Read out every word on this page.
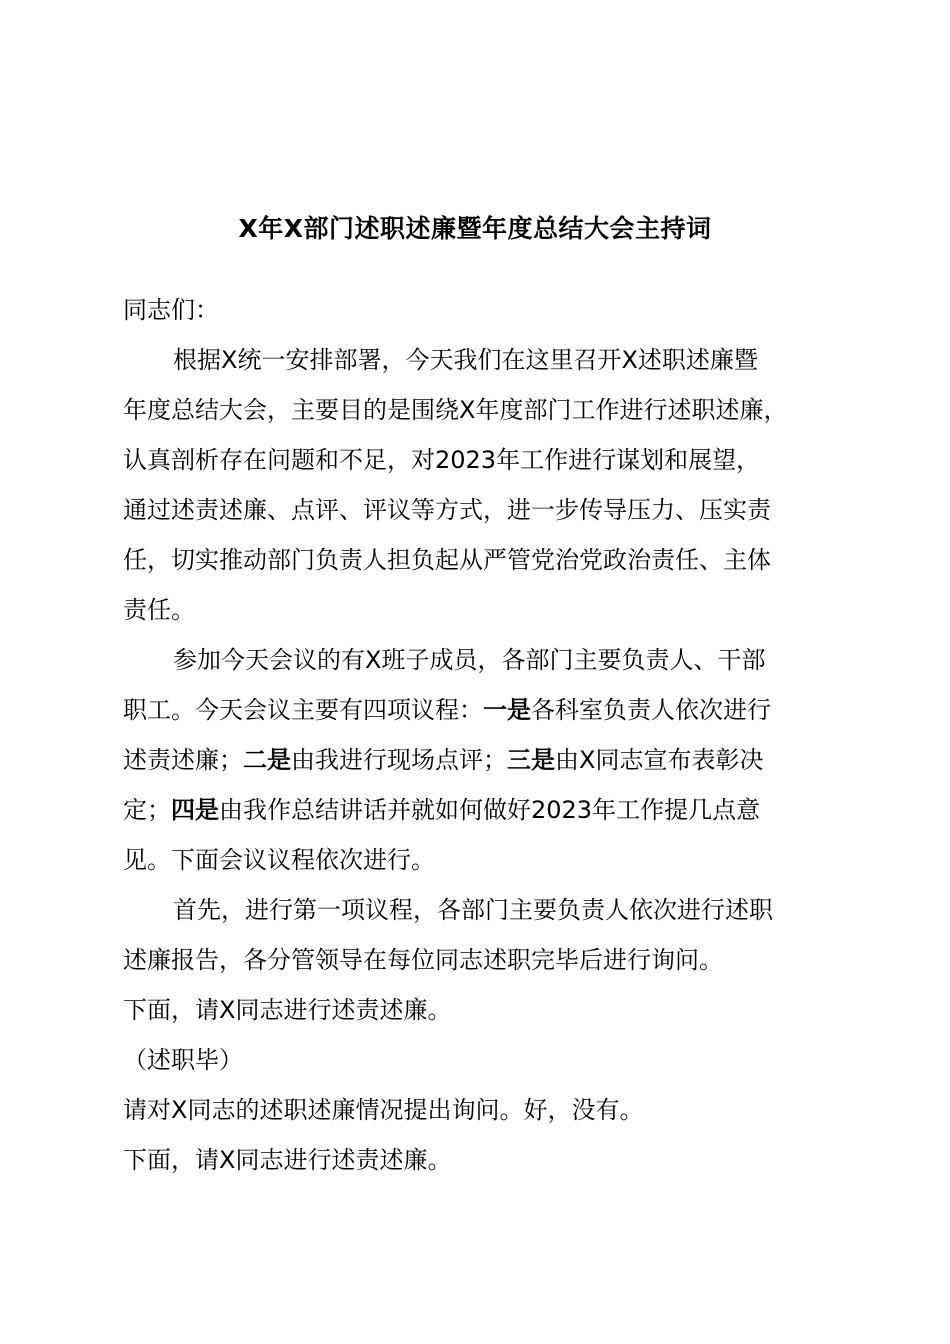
X年X部门述职述廉暨年度总结大会主持词

同志们：

根据X统一安排部署，今天我们在这里召开X述职述廉暨
年度总结大会，主要目的是围绕X年度部门工作进行述职述廉，
认真剖析存在问题和不足，对2023年工作进行谋划和展望，
通过述责述廉、点评、评议等方式，进一步传导压力、压实责
任，切实推动部门负责人担负起从严管党治党政治责任、主体
责任。

参加今天会议的有X班子成员，各部门主要负责人、干部
职工。今天会议主要有四项议程：一是各科室负责人依次进行
述责述廉；二是由我进行现场点评；三是由X同志宣布表彰决
定；四是由我作总结讲话并就如何做好2023年工作提几点意
见。下面会议议程依次进行。

首先，进行第一项议程，各部门主要负责人依次进行述职
述廉报告，各分管领导在每位同志述职完毕后进行询问。

下面，请X同志进行述责述廉。

（述职毕）

请对X同志的述职述廉情况提出询问。好，没有。

下面，请X同志进行述责述廉。
